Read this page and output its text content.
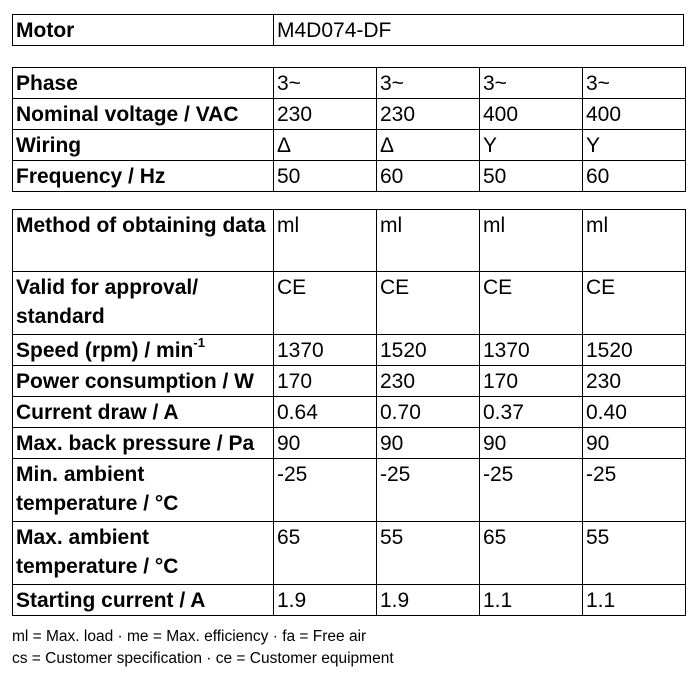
Motor	M4D074-DF
Phase	3~	3~	3~	3~
Nominal voltage / VAC	230	230	400	400
Wiring	Δ	Δ	Y	Y
Frequency / Hz	50	60	50	60
Method of obtaining data	ml	ml	ml	ml
Valid for approval/ standard	CE	CE	CE	CE
Speed $(rpm) / \min^{-1}$	1370	1520	1370	1520
Power consumption / W	170	230	170	230
Current draw / A	0.64	0.70	0.37	0.40
Max. back pressure / Pa	90	90	90	90
Min. ambient temperature / °C	-25	-25	-25	-25
Max. ambient temperature / °C	65	55	65	55
Starting current / A	1.9	1.9	1.1	1.1
ml = Max. load · me = Max. efficiency · fa = Free air
cs = Customer specification · ce = Customer equipment
